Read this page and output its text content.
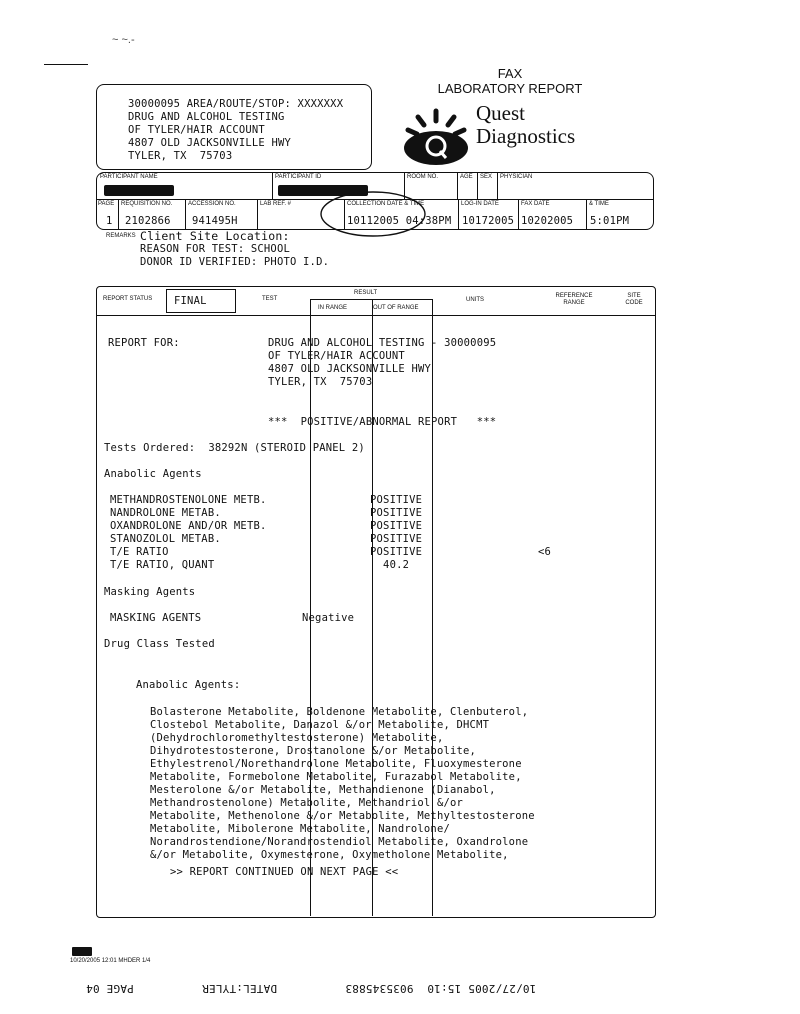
~ ~.-
30000095 AREA/ROUTE/STOP: XXXXXXX
DRUG AND ALCOHOL TESTING
OF TYLER/HAIR ACCOUNT
4807 OLD JACKSONVILLE HWY
TYLER, TX  75703
FAX
LABORATORY REPORT
Quest
Diagnostics
PARTICIPANT NAME	PARTICIPANT ID	ROOM NO.	AGE SEX PHYSICIAN
PAGE REQUISITION NO.	ACCESSION NO.	LAB REF. #	COLLECTION DATE & TIME	LOG-IN DATE	FAX DATE	& TIME
1 2102866 941495H	10112005 04:38PM 10172005 10202005 5:01PM
REMARKS Client Site Location:
REASON FOR TEST: SCHOOL
DONOR ID VERIFIED: PHOTO I.D.
REPORT STATUS FINAL	TEST
RESULT
IN RANGE	OUT OF RANGE
UNITS
REFERENCE RANGE
SITE CODE
REPORT FOR:	DRUG AND ALCOHOL TESTING - 30000095
OF TYLER/HAIR ACCOUNT
4807 OLD JACKSONVILLE HWY
TYLER, TX  75703
***  POSITIVE/ABNORMAL REPORT   ***
Tests Ordered:  38292N (STEROID PANEL 2)
Anabolic Agents
METHANDROSTENOLONE METB.	POSITIVE
NANDROLONE METAB.	POSITIVE
OXANDROLONE AND/OR METB.	POSITIVE
STANOZOLOL METAB.	POSITIVE
T/E RATIO	POSITIVE	<6
T/E RATIO, QUANT	40.2
Masking Agents
MASKING AGENTS	Negative
Drug Class Tested
Anabolic Agents:
Bolasterone Metabolite, Boldenone Metabolite, Clenbuterol,
Clostebol Metabolite, Danazol &/or Metabolite, DHCMT
(Dehydrochloromethyltestosterone) Metabolite,
Dihydrotestosterone, Drostanolone &/or Metabolite,
Ethylestrenol/Norethandrolone Metabolite, Fluoxymesterone
Metabolite, Formebolone Metabolite, Furazabol Metabolite,
Mesterolone &/or Metabolite, Methandienone (Dianabol,
Methandrostenolone) Metabolite, Methandriol &/or
Metabolite, Methenolone &/or Metabolite, Methyltestosterone
Metabolite, Mibolerone Metabolite, Nandrolone/
Norandrostendione/Norandrostendiol Metabolite, Oxandrolone
&/or Metabolite, Oxymesterone, Oxymetholone Metabolite,
>> REPORT CONTINUED ON NEXT PAGE <<
10/20/2005 12:01 MHDER 1/4
10/27/2005 15:10  9035345883          DATEL:TYLER          PAGE 04
